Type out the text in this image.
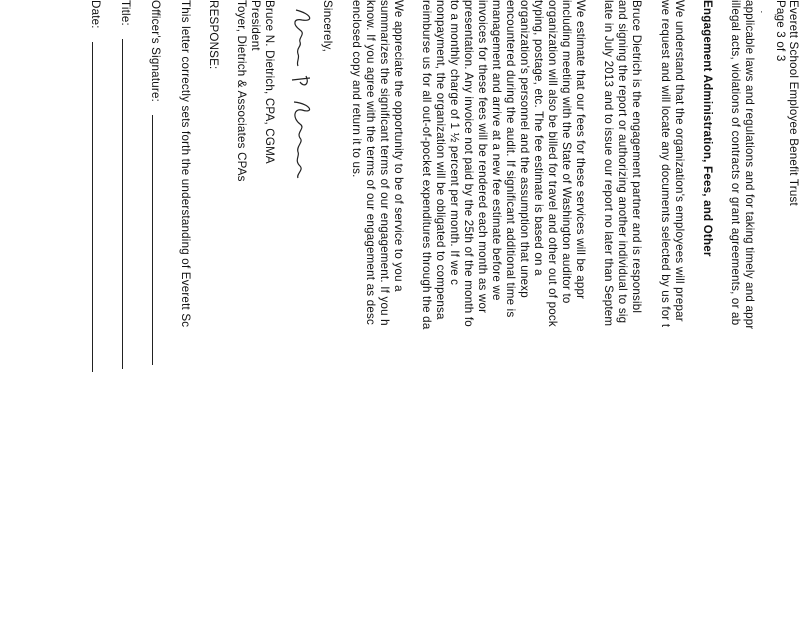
- ' - Everett School Employee Benefit Trust
Page 3 of 3
applicable laws and regulations and for taking timely and appr
illegal acts, violations of contracts or grant agreements, or ab
Engagement Administration, Fees, and Other
We understand that the organization's employees will prepar
we request and will locate any documents selected by us for t
Bruce Dietrich is the engagement partner and is responsibl
and signing the report or authorizing another individual to sig
late in July 2013 and to issue our report no later than Septem
We estimate that our fees for these services will be appr
including meeting with the State of Washington auditor to
organization will also be billed for travel and other out of pock
typing, postage, etc. The fee estimate is based on a
organization's personnel and the assumption that unexp
encountered during the audit. If significant additional time is
management and arrive at a new fee estimate before we
invoices for these fees will be rendered each month as wor
presentation. Any invoice not paid by the 25th of the month fo
to a monthly charge of 1 ½ percent per month. If we c
nonpayment, the organization will be obligated to compensa
reimburse us for all out-of-pocket expenditures through the da
We appreciate the opportunity to be of service to you a
summarizes the significant terms of our engagement. If you h
know. If you agree with the terms of our engagement as desc
enclosed copy and return it to us.
Sincerely,
Bruce N. Dietrich, CPA, CGMA
President
Toyer, Dietrich & Associates CPAs
RESPONSE:
This letter correctly sets forth the understanding of Everett Sc
Officer's Signature:
Title:
Date:
